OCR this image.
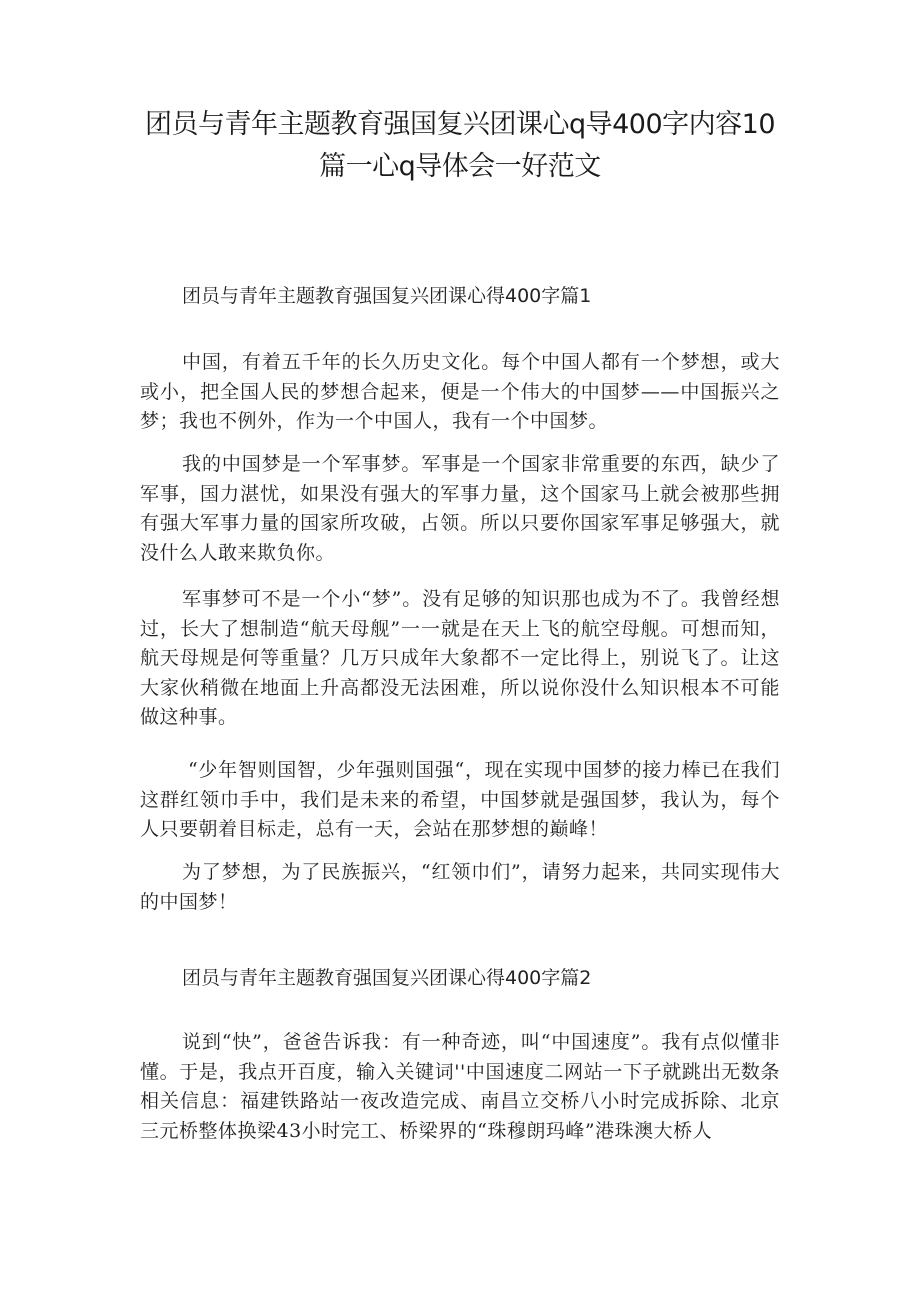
团员与青年主题教育强国复兴团课心q导400字内容10篇一心q导体会一好范文
团员与青年主题教育强国复兴团课心得400字篇1

中国，有着五千年的长久历史文化。每个中国人都有一个梦想，或大或小，把全国人民的梦想合起来，便是一个伟大的中国梦——中国振兴之梦；我也不例外，作为一个中国人，我有一个中国梦。

我的中国梦是一个军事梦。军事是一个国家非常重要的东西，缺少了军事，国力湛忧，如果没有强大的军事力量，这个国家马上就会被那些拥有强大军事力量的国家所攻破，占领。所以只要你国家军事足够强大，就没什么人敢来欺负你。

军事梦可不是一个小“梦”。没有足够的知识那也成为不了。我曾经想过，长大了想制造“航天母舰”一一就是在天上飞的航空母舰。可想而知，航天母规是何等重量？几万只成年大象都不一定比得上，别说飞了。让这大家伙稍微在地面上升高都没无法困难，所以说你没什么知识根本不可能做这种事。

“少年智则国智，少年强则国强“，现在实现中国梦的接力棒已在我们这群红领巾手中，我们是未来的希望，中国梦就是强国梦，我认为，每个人只要朝着目标走，总有一天，会站在那梦想的巅峰！

为了梦想，为了民族振兴，“红领巾们”，请努力起来，共同实现伟大的中国梦！

团员与青年主题教育强国复兴团课心得400字篇2

说到“快”，爸爸告诉我：有一种奇迹，叫“中国速度”。我有点似懂非懂。于是，我点开百度，输入关键词''中国速度二网站一下子就跳出无数条相关信息：福建铁路站一夜改造完成、南昌立交桥八小时完成拆除、北京三元桥整体换梁43小时完工、桥梁界的“珠穆朗玛峰”港珠澳大桥人
